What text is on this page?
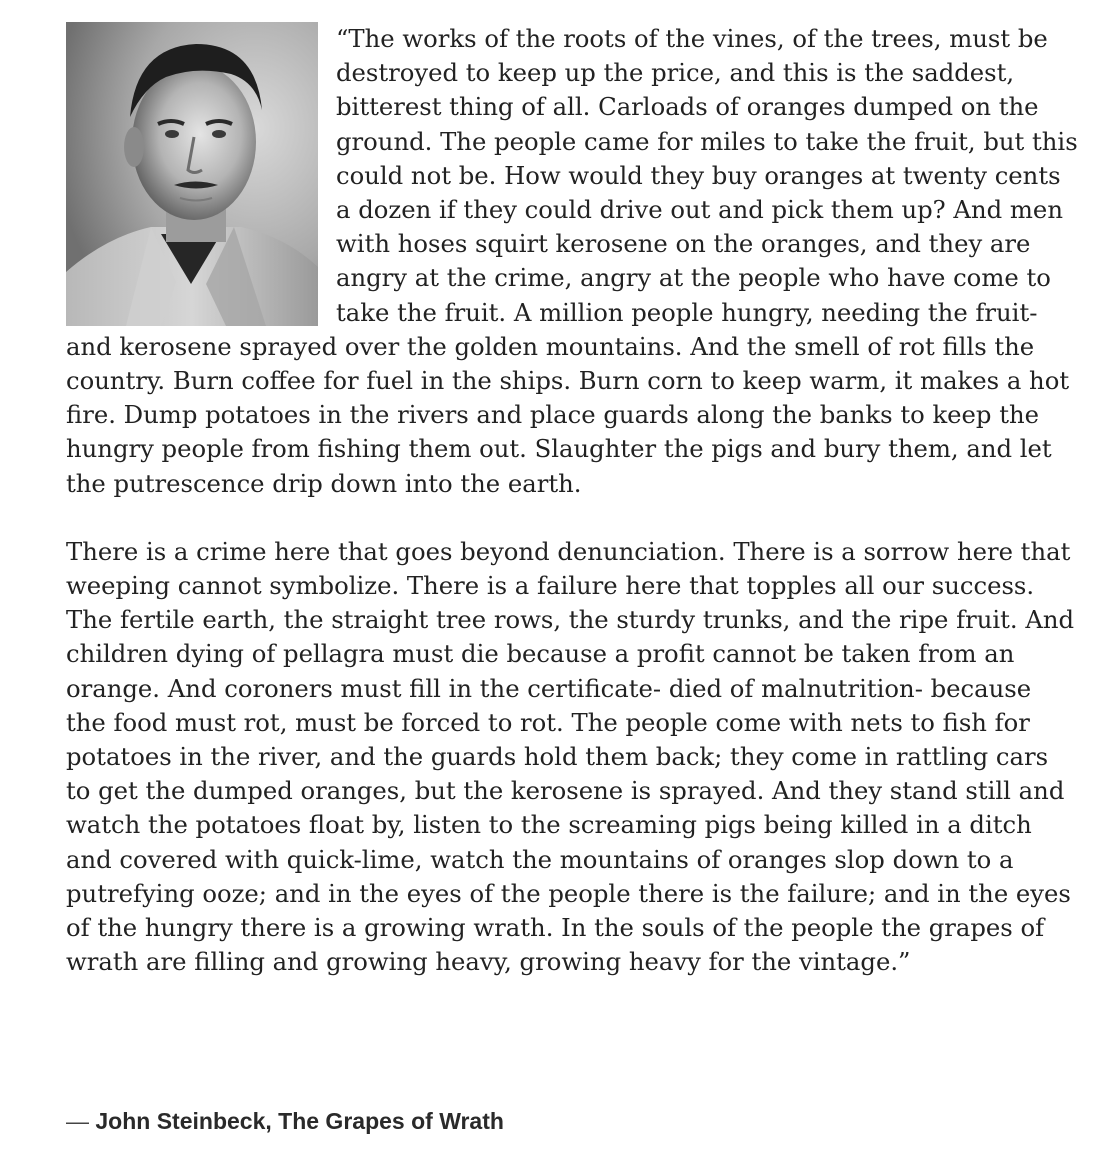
“The works of the roots of the vines, of the trees, must be destroyed to keep up the price, and this is the saddest, bitterest thing of all. Carloads of oranges dumped on the ground. The people came for miles to take the fruit, but this could not be. How would they buy oranges at twenty cents a dozen if they could drive out and pick them up? And men with hoses squirt kerosene on the oranges, and they are angry at the crime, angry at the people who have come to take the fruit. A million people hungry, needing the fruit- and kerosene sprayed over the golden mountains. And the smell of rot fills the country. Burn coffee for fuel in the ships. Burn corn to keep warm, it makes a hot fire. Dump potatoes in the rivers and place guards along the banks to keep the hungry people from fishing them out. Slaughter the pigs and bury them, and let the putrescence drip down into the earth.

There is a crime here that goes beyond denunciation. There is a sorrow here that weeping cannot symbolize. There is a failure here that topples all our success. The fertile earth, the straight tree rows, the sturdy trunks, and the ripe fruit. And children dying of pellagra must die because a profit cannot be taken from an orange. And coroners must fill in the certificate- died of malnutrition- because the food must rot, must be forced to rot. The people come with nets to fish for potatoes in the river, and the guards hold them back; they come in rattling cars to get the dumped oranges, but the kerosene is sprayed. And they stand still and watch the potatoes float by, listen to the screaming pigs being killed in a ditch and covered with quick-lime, watch the mountains of oranges slop down to a putrefying ooze; and in the eyes of the people there is the failure; and in the eyes of the hungry there is a growing wrath. In the souls of the people the grapes of wrath are filling and growing heavy, growing heavy for the vintage.”

— John Steinbeck, The Grapes of Wrath
